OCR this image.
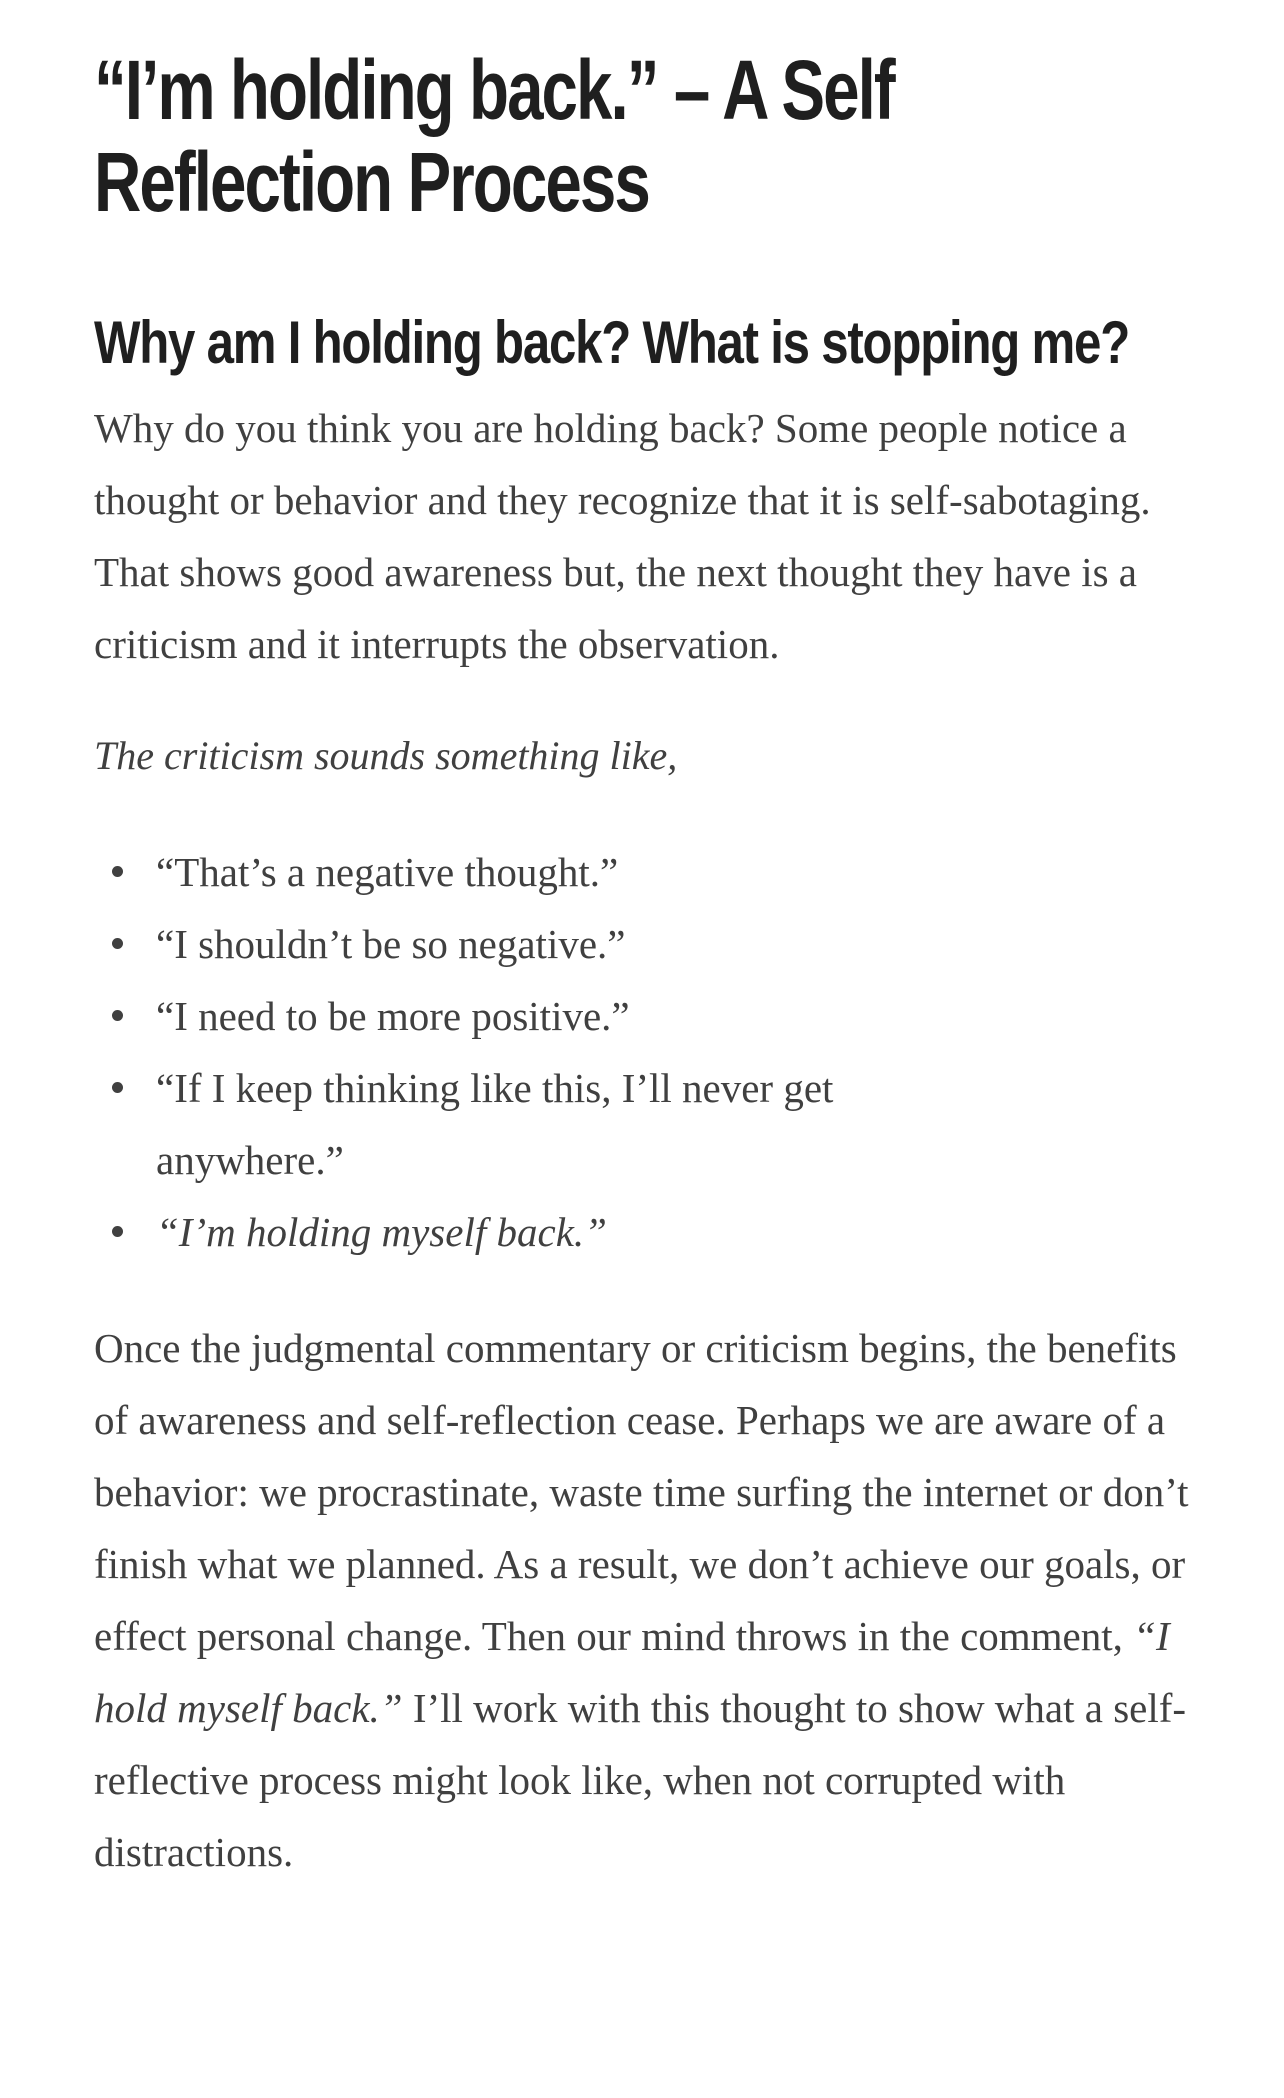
“I’m holding back.” – A Self Reflection Process
Why am I holding back? What is stopping me?

Why do you think you are holding back? Some people notice a thought or behavior and they recognize that it is self-sabotaging. That shows good awareness but, the next thought they have is a criticism and it interrupts the observation.

The criticism sounds something like,

“That’s a negative thought.”
“I shouldn’t be so negative.”
“I need to be more positive.”
“If I keep thinking like this, I’ll never get anywhere.”
“I’m holding myself back.”

Once the judgmental commentary or criticism begins, the benefits of awareness and self-reflection cease. Perhaps we are aware of a behavior: we procrastinate, waste time surfing the internet or don’t finish what we planned. As a result, we don’t achieve our goals, or effect personal change. Then our mind throws in the comment, “I hold myself back.” I’ll work with this thought to show what a self-reflective process might look like, when not corrupted with distractions.
